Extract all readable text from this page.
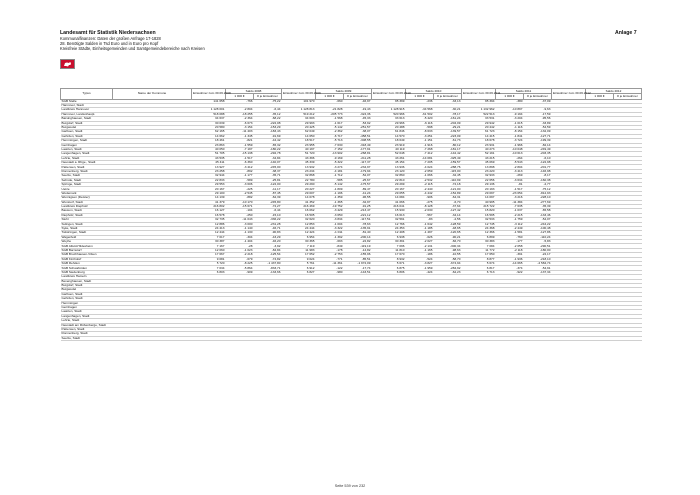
Landesamt für Statistik Niedersachsen
Kommunalfinanzen: Daten der großen Anfrage 17-1828
28. Benötigte Salden in Tsd Euro und in Euro pro Kopf
Kreisfreie Städte, Einheitsgemeinden und Samtgemeindebereiche nach Kreisen
Anlage 7
Typus	Name der Kommune	Einwohner zum 30.06.2008	Saldo 2008		Einwohner zum 30.06.2009	Saldo 2009		Einwohner zum 30.06.2010	Saldo 2010		Einwohner zum 30.06.2011	Saldo 2011		Einwohner zum 30.06.2012	Saldo 2012	
			1 000 €	€ je Einwohner		1 000 €	€ je Einwohner		1 000 €	€ je Einwohner		1 000 €	€ je Einwohner		1 000 €	€ je Einwohner
SGB Stelle		141 658	-766	-75,22	101 970	-660	-46,97	95 399	-236	-33,13	95 394	-380	-37,09			
Hannover, Stadt																
Landkreis Hannover		1 128 001	-2 804	-6,44	1 128 813	-21 828	-19,43	1 128 915	-34 568	-30,21	1 132 962	-10 897	-9,63			
Hannover, Landeshaupt.		518 088	-18 255	-35,12	519 212	-205 773	-324,36	520 966	-61 502	-78,17	522 513	-9 194	-17,59			
Barsinghausen, Stadt		34 637	-2 364	-68,22	34 603	-1 568	-45,33	33 613	-5 420	-161,24	33 531	-3 204	-95,56			
Burgdorf, Stadt		30 039	-6 673	-222,08	29 993	-1 617	-53,92	29 966	-6 116	-204,09	29 942	-1 015	-33,89			
Burgwedel		20 580	-3 154	-153,29	20 425	-5 142	-251,57	20 488	-598	-29,21	20 442	-1 116	-54,59			
Garbsen, Stadt		62 165	-11 403	-183,43	62 049	-2 362	-38,07	61 846	-8 633	-139,57	61 723	-8 154	-132,09			
Gehrden, Stadt		14 662	-1 345	-91,69	14 650	-6 717	-458,51	14 570	-3 251	-223,09	14 415	-1 841	-127,71			
Hemmingen, Stadt		18 461	-821	-44,42	18 517	-5 713	-308,55	18 649	-1 151	-61,73	18 678	-3 724	-199,39			
Isernhagen		23 863	-1 559	-65,32	23 955	-7 630	-318,49	23 919	-1 916	-80,12	23 931	-1 966	-82,14			
Laatzen, Stadt		40 050	-7 197	-180,22	40 197	-7 152	-177,91	40 119	-7 268	-181,17	40 273	-10 048	-249,49			
Langenhagen, Stadt		51 705	-15 138	-292,78	51 720	-13 902	-268,81	52 048	-7 412	-142,42	52 191	-10 613	-203,35			
Lehrte, Stadt		43 535	-1 517	-34,84	43 396	-9 169	-211,28	43 261	-14 081	-325,49	43 215	-264	-6,10			
Neustadt a. Rbge., Stadt		45 411	-6 360	-140,07	45 339	-5 322	-117,37	45 154	-7 205	-159,57	45 069	-5 543	-122,98			
Pattensen, Stadt		13 927	-3 412	-245,00	13 932	-3 274	-234,97	13 936	-4 024	-288,76	13 898	-2 804	-201,77			
Ronnenberg, Stadt		23 258	-892	-38,37	23 234	-4 181	-179,94	23 120	-2 659	-115,00	23 220	-3 413	-146,98			
Seelze, Stadt		32 944	-1 177	-35,71	32 868	-1 712	-52,07	32 860	-1 066	-32,45	32 933	-269	-8,17			
Sehnde, Stadt		22 833	-589	-25,81	22 780	-585	-25,67	22 810	-2 532	-110,99	22 656	-3 634	-160,38			
Springe, Stadt		29 553	-3 606	-122,00	29 290	-5 142	-175,57	29 299	-2 115	-72,18	29 136	-81	-2,77			
Uetze		20 167	-225	-11,17	20 227	-1 809	-89,47	20 167	-2 440	-121,00	20 193	-1 517	-75,12			
Wedemark		29 100	-2 545	-87,45	29 007	-1 196	-41,24	29 055	-4 442	-152,89	29 097	-23 654	-812,93			
Wennigsen (Deister)		14 139	-882	-62,39	14 078	-1 359	-96,55	14 084	-906	-64,31	14 097	-3 216	-228,10			
Wunstorf, Stadt		41 379	-10 170	-245,80	41 352	-1 365	-32,97	41 066	-275	-6,70	40 995	-11 384	-277,69			
Landkreis Diepholz		216 802	-15 671	-72,27	216 469	-19 752	-91,25	216 041	-8 128	-37,64	215 722	-7 635	-35,39			
Bassum, Stadt		16 127	-104	-6,44	16 062	-3 429	-213,47	15 930	-2 030	-127,42	15 820	-1 037	-65,58			
Diepholz, Stadt		16 578	-250	-15,10	16 505	-3 650	-221,12	16 613	-567	-34,14	16 595	-2 215	-133,46			
Stuhr		32 735	-11 043	-336,22	32 620	-3 834	-117,51	32 591	-83	-2,56	32 533	-1 759	-54,07			
Sulingen, Stadt		12 886	-3 000	-231,28	12 853	-1 004	-78,63	12 766	-1 642	-128,59	12 745	-3 112	-244,22			
Syke, Stadt		24 413	-1 140	-46,71	24 444	-3 322	-135,91	24 353	-1 185	-48,65	24 368	-2 449	-100,48			
Twistringen, Stadt		12 444	-1 130	-90,83	12 424	-1 011	-81,40	12 408	-1 497	-120,65	12 366	-1 581	-127,86			
Wagenfeld		7 017	-304	-43,29	6 954	-1 392	-200,14	6 938	-626	-90,21	6 899	-760	-110,24			
Weyhe		30 387	-1 404	-46,20	30 365	-693	-22,82	30 391	-2 027	-66,70	30 383	-177	-5,83			
SGB Alfeld-Hildesheim		7 167	-28	-3,92	7 119	-849	-119,19	7 096	-2 131	-300,34	7 084	-2 058	-290,51			
SGB Barnstorf		12 060	-1 023	-84,84	11 983	-178	-14,82	11 810	-1 165	-98,63	11 772	-2 118	-180,00			
SGB Bruchhausen-Vilsen		17 667	-2 218	-125,54	17 652	-2 753	-155,96	17 670	-186	-10,55	17 650	-391	-22,17			
SGB Kirchdorf		9 081	-679	-74,82	9 024	-771	-85,51	8 932	-524	-58,70	8 877	-1 936	-218,10			
SGB Rehden		5 720	-8 225	-1 437,80	5 761	-11 361	-1 972,09	5 671	-3 827	-674,94	5 674	-14 665	-2 584,74			
SGB Schwaförden		7 034	-5 864	-833,71	6 912	-122	-17,74	6 875	-1 959	-284,92	6 817	-374	-54,91			
SGB Siedenburg		6 803	-909	-133,66	6 827	-980	-143,51	6 806	-424	-62,23	6 713	-922	-137,34			
Landkreis Hameln																
Bevenghausen, Stadt																
Burgdorf, Stadt																
Burgwedel																
Garbsen, Stadt																
Gehrden, Stadt																
Hemmingen																
Isernhagen																
Laatzen, Stadt																
Langenhagen, Stadt																
Lehrte, Stadt																
Neustadt am Rübenberge, Stadt																
Pattensen, Stadt																
Ronnenberg, Stadt																
Seelze, Stadt																
Seite 539 von 232
